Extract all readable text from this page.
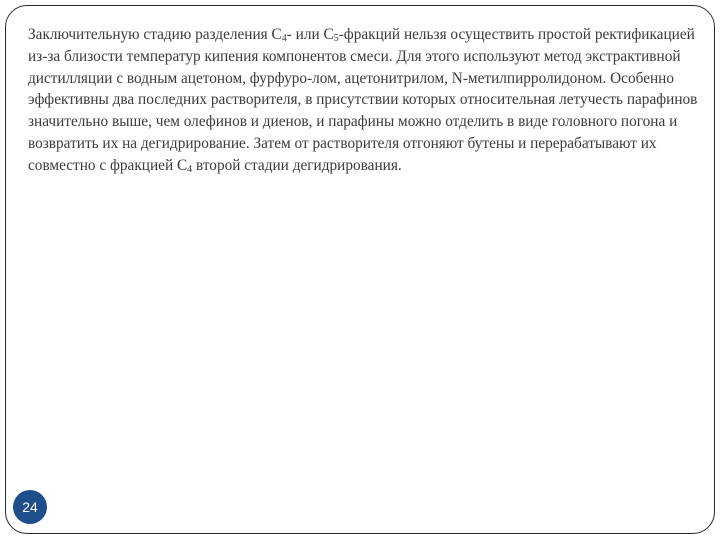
Заключительную стадию разделения $С_4-$ или $С_5$-фракций нельзя осуществить простой ректификацией из-за близости температур кипения компонентов смеси. Для этого используют метод экстрактивной дистилляции с водным ацетоном, фурфуро-лом, ацетонитрилом, N-метилпирролидоном. Особенно эффективны два последних растворителя, в присутствии которых относительная летучесть парафинов значительно выше, чем олефинов и диенов, и парафины можно отделить в виде головного погона и возвратить их на дегидрирование. Затем от растворителя отгоняют бутены и перерабатывают их совместно с фракцией $С_4$ второй стадии дегидрирования.

24
